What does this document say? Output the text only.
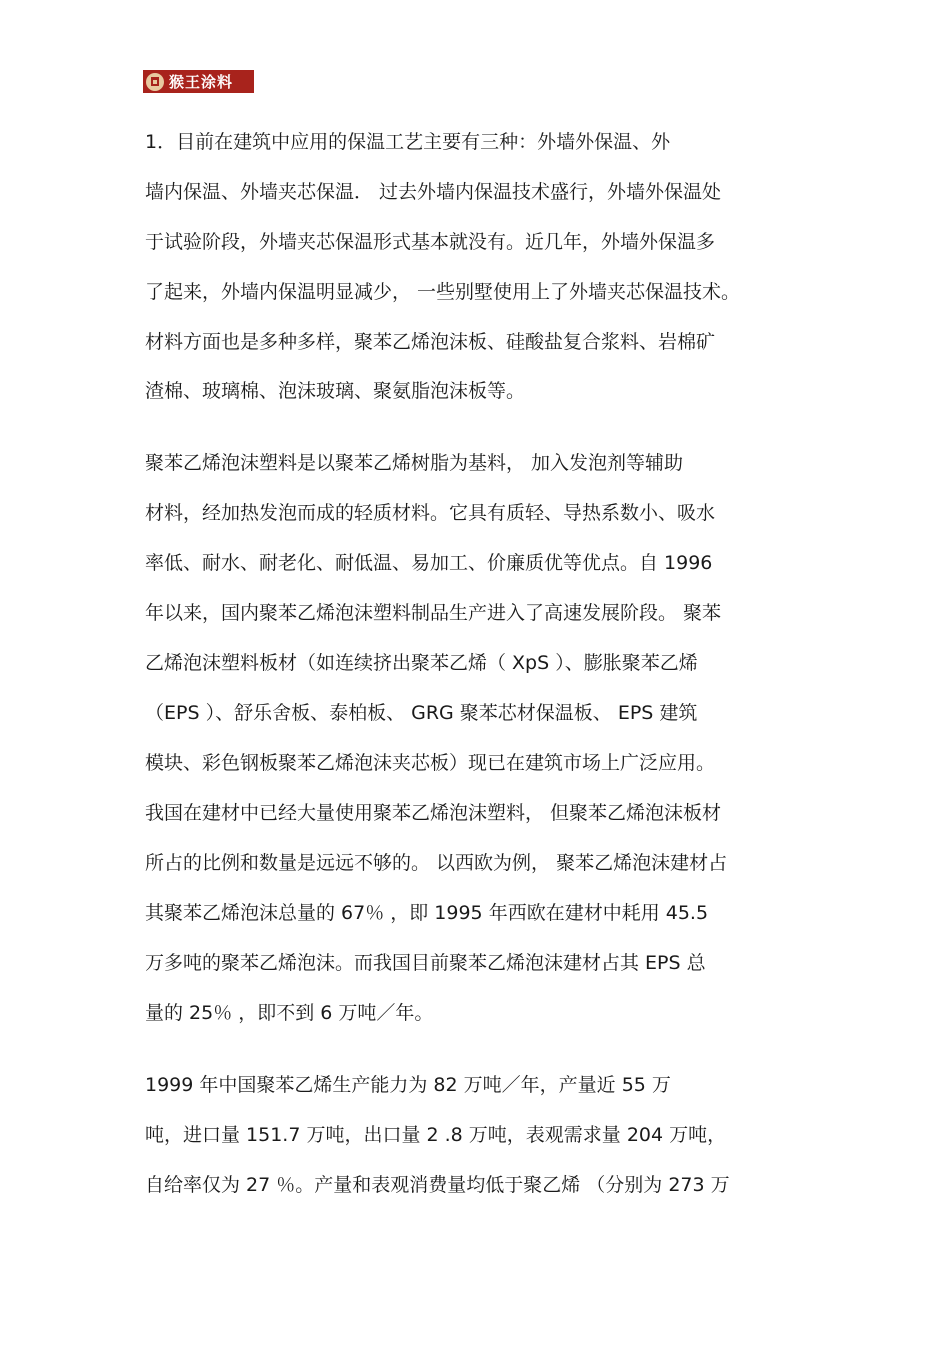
猴王涂料
1．目前在建筑中应用的保温工艺主要有三种：外墙外保温、外
墙内保温、外墙夹芯保温． 过去外墙内保温技术盛行，外墙外保温处
于试验阶段，外墙夹芯保温形式基本就没有。近几年，外墙外保温多
了起来，外墙内保温明显减少， 一些别墅使用上了外墙夹芯保温技术。
材料方面也是多种多样，聚苯乙烯泡沫板、硅酸盐复合浆料、岩棉矿
渣棉、玻璃棉、泡沫玻璃、聚氨脂泡沫板等。
聚苯乙烯泡沫塑料是以聚苯乙烯树脂为基料， 加入发泡剂等辅助
材料，经加热发泡而成的轻质材料。它具有质轻、导热系数小、吸水
率低、耐水、耐老化、耐低温、易加工、价廉质优等优点。自 1996
年以来，国内聚苯乙烯泡沫塑料制品生产进入了高速发展阶段。 聚苯
乙烯泡沫塑料板材（如连续挤出聚苯乙烯（ XpS ）、膨胀聚苯乙烯
（EPS ）、舒乐舍板、泰柏板、 GRG 聚苯芯材保温板、 EPS 建筑
模块、彩色钢板聚苯乙烯泡沫夹芯板）现已在建筑市场上广泛应用。
我国在建材中已经大量使用聚苯乙烯泡沫塑料， 但聚苯乙烯泡沫板材
所占的比例和数量是远远不够的。 以西欧为例， 聚苯乙烯泡沫建材占
其聚苯乙烯泡沫总量的 67％ ，即 1995 年西欧在建材中耗用 45.5
万多吨的聚苯乙烯泡沫。而我国目前聚苯乙烯泡沫建材占其 EPS 总
量的 25％ ，即不到 6 万吨／年。
1999 年中国聚苯乙烯生产能力为 82 万吨／年，产量近 55 万
吨，进口量 151.7 万吨，出口量 2 .8 万吨，表观需求量 204 万吨，
自给率仅为 27 ％。产量和表观消费量均低于聚乙烯 （分别为 273 万
